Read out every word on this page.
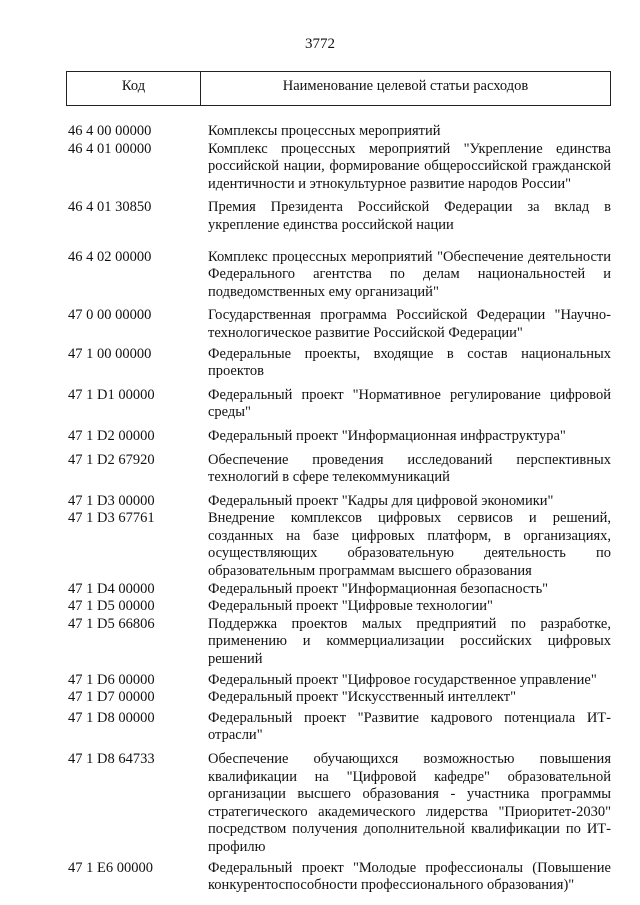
3772
Код	Наименование целевой статьи расходов
46 4 00 00000	Комплексы процессных мероприятий
46 4 01 00000	Комплекс процессных мероприятий "Укрепление единства российской нации, формирование общероссийской гражданской идентичности и этнокультурное развитие народов России"
46 4 01 30850	Премия Президента Российской Федерации за вклад в укрепление единства российской нации
46 4 02 00000	Комплекс процессных мероприятий "Обеспечение деятельности Федерального агентства по делам национальностей и подведомственных ему организаций"
47 0 00 00000	Государственная программа Российской Федерации "Научно-технологическое развитие Российской Федерации"
47 1 00 00000	Федеральные проекты, входящие в состав национальных проектов
47 1 D1 00000	Федеральный проект "Нормативное регулирование цифровой среды"
47 1 D2 00000	Федеральный проект "Информационная инфраструктура"
47 1 D2 67920	Обеспечение проведения исследований перспективных технологий в сфере телекоммуникаций
47 1 D3 00000	Федеральный проект "Кадры для цифровой экономики"
47 1 D3 67761	Внедрение комплексов цифровых сервисов и решений, созданных на базе цифровых платформ, в организациях, осуществляющих образовательную деятельность по образовательным программам высшего образования
47 1 D4 00000	Федеральный проект "Информационная безопасность"
47 1 D5 00000	Федеральный проект "Цифровые технологии"
47 1 D5 66806	Поддержка проектов малых предприятий по разработке, применению и коммерциализации российских цифровых решений
47 1 D6 00000	Федеральный проект "Цифровое государственное управление"
47 1 D7 00000	Федеральный проект "Искусственный интеллект"
47 1 D8 00000	Федеральный проект "Развитие кадрового потенциала ИТ-отрасли"
47 1 D8 64733	Обеспечение обучающихся возможностью повышения квалификации на "Цифровой кафедре" образовательной организации высшего образования - участника программы стратегического академического лидерства "Приоритет-2030" посредством получения дополнительной квалификации по ИТ-профилю
47 1 E6 00000	Федеральный проект "Молодые профессионалы (Повышение конкурентоспособности профессионального образования)"
